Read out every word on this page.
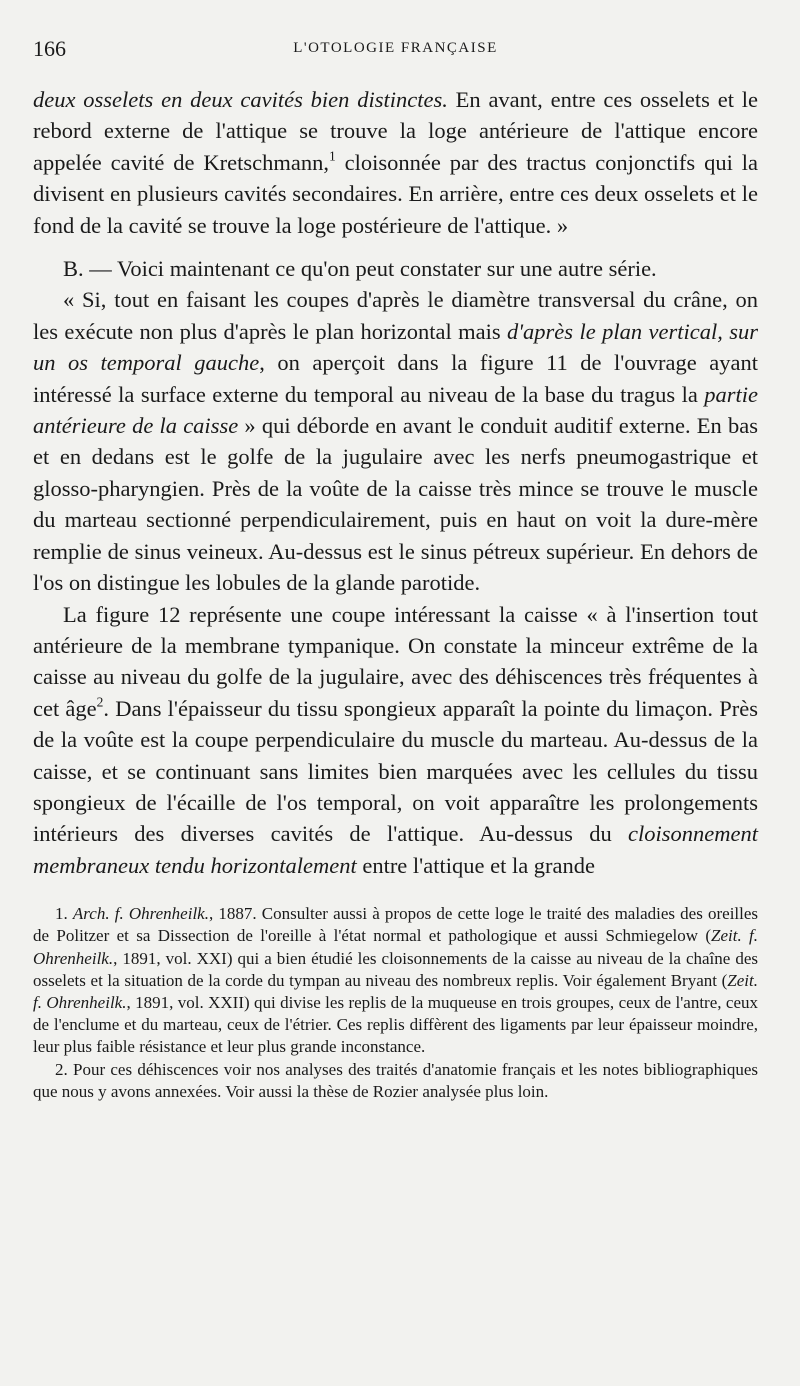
166	L'OTOLOGIE FRANÇAISE

deux osselets en deux cavités bien distinctes. En avant, entre ces osselets et le rebord externe de l'attique se trouve la loge antérieure de l'attique encore appelée cavité de Kretschmann,$^1$ cloisonnée par des tractus conjonctifs qui la divisent en plusieurs cavités secondaires. En arrière, entre ces deux osselets et le fond de la cavité se trouve la loge postérieure de l'attique. »

B. — Voici maintenant ce qu'on peut constater sur une autre série.

« Si, tout en faisant les coupes d'après le diamètre transversal du crâne, on les exécute non plus d'après le plan horizontal mais d'après le plan vertical, sur un os temporal gauche, on aperçoit dans la figure 11 de l'ouvrage ayant intéressé la surface externe du temporal au niveau de la base du tragus la partie antérieure de la caisse » qui déborde en avant le conduit auditif externe. En bas et en dedans est le golfe de la jugulaire avec les nerfs pneumogastrique et glosso-pharyngien. Près de la voûte de la caisse très mince se trouve le muscle du marteau sectionné perpendiculairement, puis en haut on voit la dure-mère remplie de sinus veineux. Au-dessus est le sinus pétreux supérieur. En dehors de l'os on distingue les lobules de la glande parotide.

La figure 12 représente une coupe intéressant la caisse « à l'insertion tout antérieure de la membrane tympanique. On constate la minceur extrême de la caisse au niveau du golfe de la jugulaire, avec des déhiscences très fréquentes à cet âge$^2$. Dans l'épaisseur du tissu spongieux apparaît la pointe du limaçon. Près de la voûte est la coupe perpendiculaire du muscle du marteau. Au-dessus de la caisse, et se continuant sans limites bien marquées avec les cellules du tissu spongieux de l'écaille de l'os temporal, on voit apparaître les prolongements intérieurs des diverses cavités de l'attique. Au-dessus du cloisonnement membraneux tendu horizontalement entre l'attique et la grande

1. Arch. f. Ohrenheilk., 1887. Consulter aussi à propos de cette loge le traité des maladies des oreilles de Politzer et sa Dissection de l'oreille à l'état normal et pathologique et aussi Schmiegelow (Zeit. f. Ohrenheilk., 1891, vol. XXI) qui a bien étudié les cloisonnements de la caisse au niveau de la chaîne des osselets et la situation de la corde du tympan au niveau des nombreux replis. Voir également Bryant (Zeit. f. Ohrenheilk., 1891, vol. XXII) qui divise les replis de la muqueuse en trois groupes, ceux de l'antre, ceux de l'enclume et du marteau, ceux de l'étrier. Ces replis diffèrent des ligaments par leur épaisseur moindre, leur plus faible résistance et leur plus grande inconstance.

2. Pour ces déhiscences voir nos analyses des traités d'anatomie français et les notes bibliographiques que nous y avons annexées. Voir aussi la thèse de Rozier analysée plus loin.
